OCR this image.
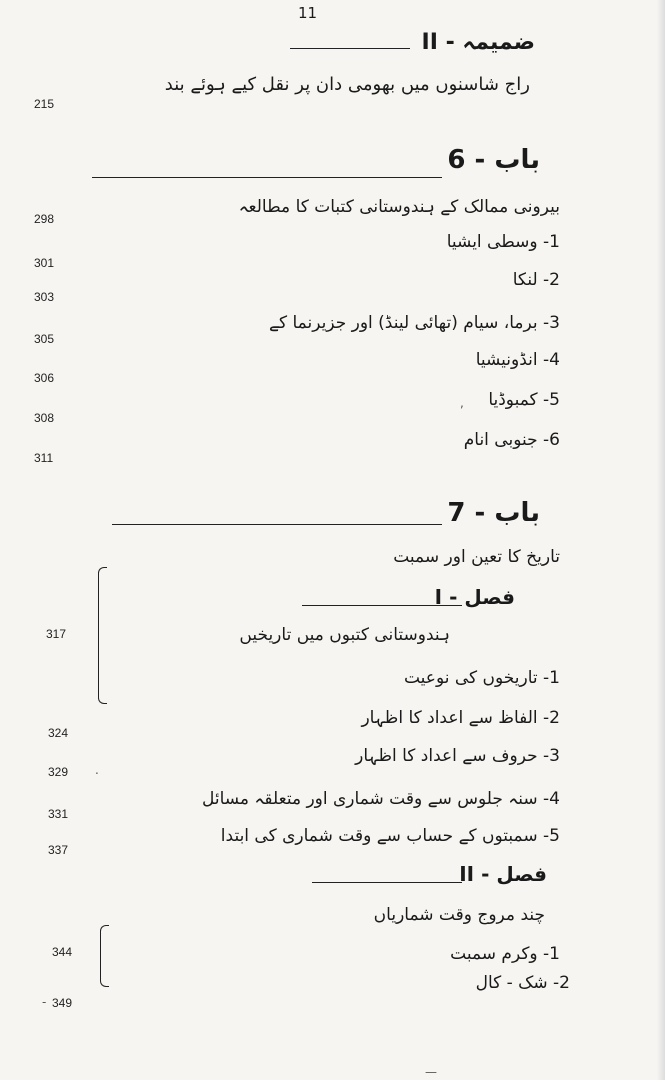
11
ضمیمہ - II
راج شاسنوں میں بھومی دان پر نقل کیے ہوئے بند
215
باب - 6
بیرونی ممالک کے ہندوستانی کتبات کا مطالعہ
298
1- وسطی ایشیا
301
2- لنکا
303
3- برما، سیام (تھائی لینڈ) اور جزیرنما کے
305
4- انڈونیشیا
306
5- کمبوڈیا
308
,
6- جنوبی انام
311
باب - 7
تاریخ کا تعین اور سمبت
فصل - I
ہندوستانی کتبوں میں تاریخیں
317
1- تاریخوں کی نوعیت
2- الفاظ سے اعداد کا اظہار
324
3- حروف سے اعداد کا اظہار
329 .
4- سنہ جلوس سے وقت شماری اور متعلقہ مسائل
331
5- سمبتوں کے حساب سے وقت شماری کی ابتدا
337
فصل - II
چند مروج وقت شماریاں
1- وکرم سمبت
344
2- شک - کال
349
-
—
